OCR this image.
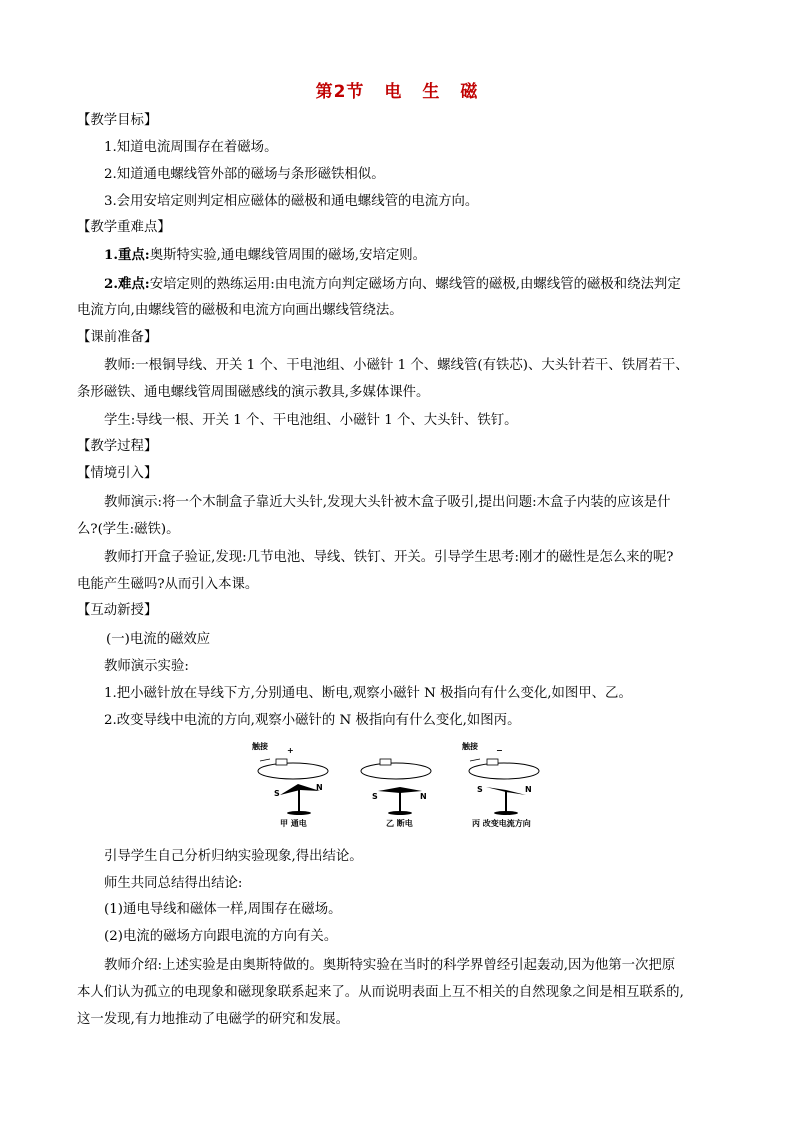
第2节 电 生 磁
【教学目标】
1.知道电流周围存在着磁场。
2.知道通电螺线管外部的磁场与条形磁铁相似。
3.会用安培定则判定相应磁体的磁极和通电螺线管的电流方向。
【教学重难点】
1.重点:奥斯特实验,通电螺线管周围的磁场,安培定则。
2.难点:安培定则的熟练运用:由电流方向判定磁场方向、螺线管的磁极,由螺线管的磁极和绕法判定
电流方向,由螺线管的磁极和电流方向画出螺线管绕法。
【课前准备】
教师:一根铜导线、开关 1 个、干电池组、小磁针 1 个、螺线管(有铁芯)、大头针若干、铁屑若干、
条形磁铁、通电螺线管周围磁感线的演示教具,多媒体课件。
学生:导线一根、开关 1 个、干电池组、小磁针 1 个、大头针、铁钉。
【教学过程】
【情境引入】
教师演示:将一个木制盒子靠近大头针,发现大头针被木盒子吸引,提出问题:木盒子内装的应该是什
么?(学生:磁铁)。
教师打开盒子验证,发现:几节电池、导线、铁钉、开关。引导学生思考:刚才的磁性是怎么来的呢?
电能产生磁吗?从而引入本课。
【互动新授】
(一)电流的磁效应
教师演示实验:
1.把小磁针放在导线下方,分别通电、断电,观察小磁针 N 极指向有什么变化,如图甲、乙。
2.改变导线中电流的方向,观察小磁针的 N 极指向有什么变化,如图丙。
触接 +
S
N
甲 通电
S	N
乙 断电
触接 −
S	N
丙 改变电流方向
引导学生自己分析归纳实验现象,得出结论。
师生共同总结得出结论:
(1)通电导线和磁体一样,周围存在磁场。
(2)电流的磁场方向跟电流的方向有关。
教师介绍:上述实验是由奥斯特做的。奥斯特实验在当时的科学界曾经引起轰动,因为他第一次把原
本人们认为孤立的电现象和磁现象联系起来了。从而说明表面上互不相关的自然现象之间是相互联系的,
这一发现,有力地推动了电磁学的研究和发展。
